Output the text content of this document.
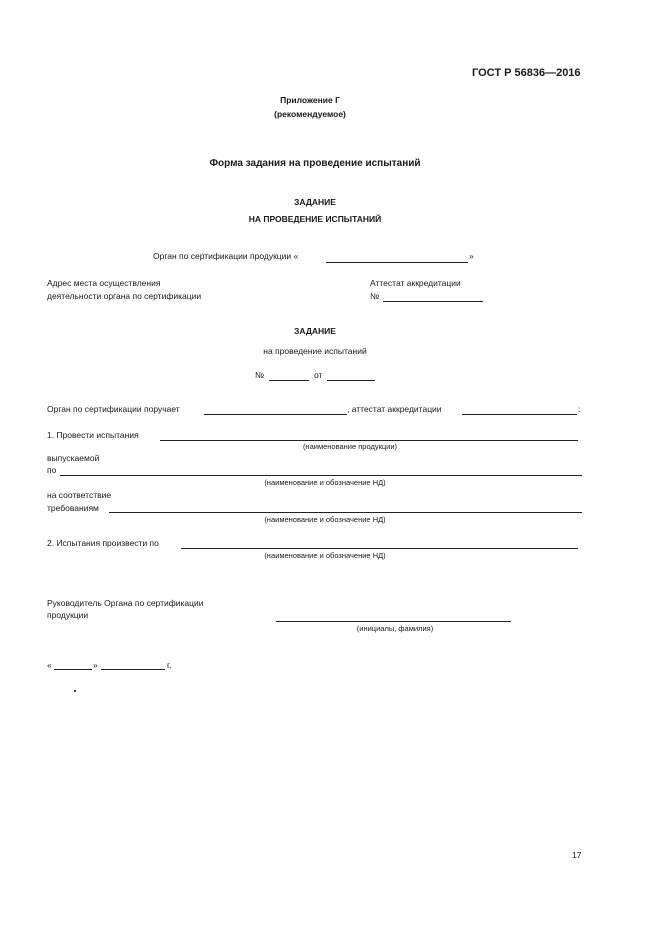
ГОСТ Р 56836—2016
Приложение Г
(рекомендуемое)
Форма задания на проведение испытаний
ЗАДАНИЕ
НА ПРОВЕДЕНИЕ ИСПЫТАНИЙ
Орган по сертификации продукции «	»
Адрес места осуществления
деятельности органа по сертификации
Аттестат аккредитации
№
ЗАДАНИЕ
на проведение испытаний
№	от
Орган по сертификации поручает	, аттестат аккредитации	:
1. Провести испытания
(наименование продукции)
выпускаемой
по
(наименование и обозначение НД)
на соответствие
требованиям
(наименование и обозначение НД)
2. Испытания произвести по
(наименование и обозначение НД)
Руководитель Органа по сертификации
продукции
(инициалы, фамилия)
«	»	г.
17
